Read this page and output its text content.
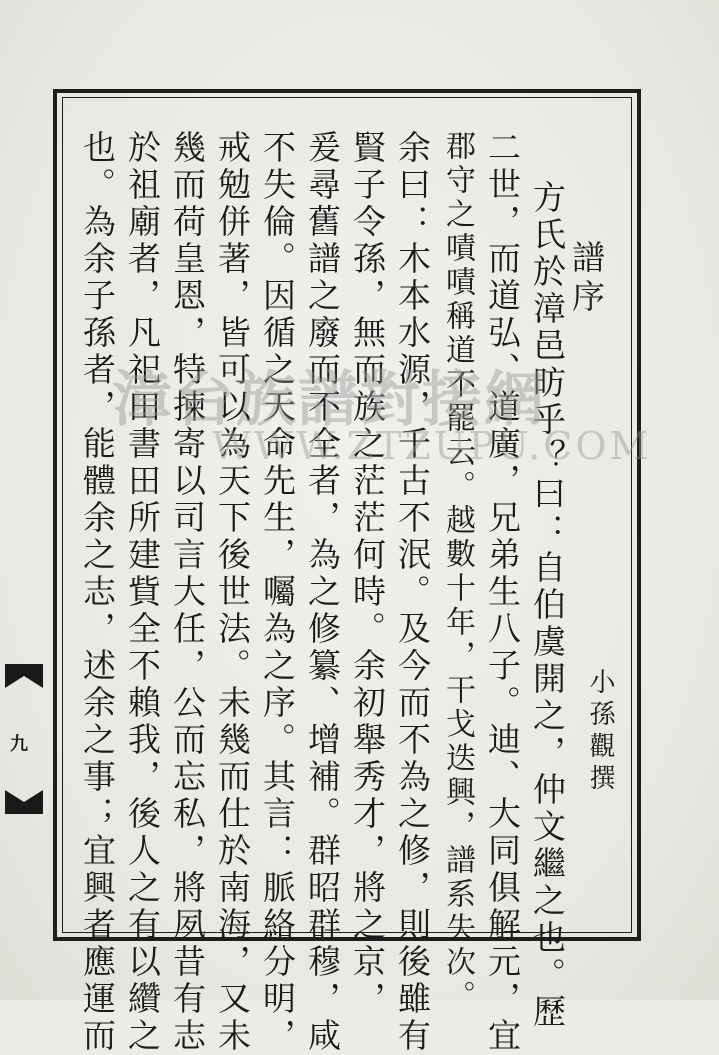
譜序
小孫觀撰
方氏於漳邑昉乎？曰：自伯虞開之，仲文繼之也。歷
二世，而道弘、道廣，兄弟生八子。迪、大同俱解元，宜
郡守之嘖嘖稱道不罷云。越數十年，干戈迭興，譜系失次。
余曰：木本水源，千古不泯。及今而不為之修，則後雖有
賢子令孫，無而族之茫茫何時。余初舉秀才，將之京，
爰尋舊譜之廢而不全者，為之修纂、增補。群昭群穆，咸
不失倫。因循之天命先生，囑為之序。其言：脈絡分明，
戒勉併著，皆可以為天下後世法。未幾而仕於南海，又未
幾而荷皇恩，特揀寄以司言大任，公而忘私，將夙昔有志
於祖廟者，凡祀田書田所建貲全不賴我，後人之有以纘之
也。為余子孫者，能體余之志，述余之事；宜興者應運而
漳台族譜對接網
WWW.ZTZUPU.COM
九
